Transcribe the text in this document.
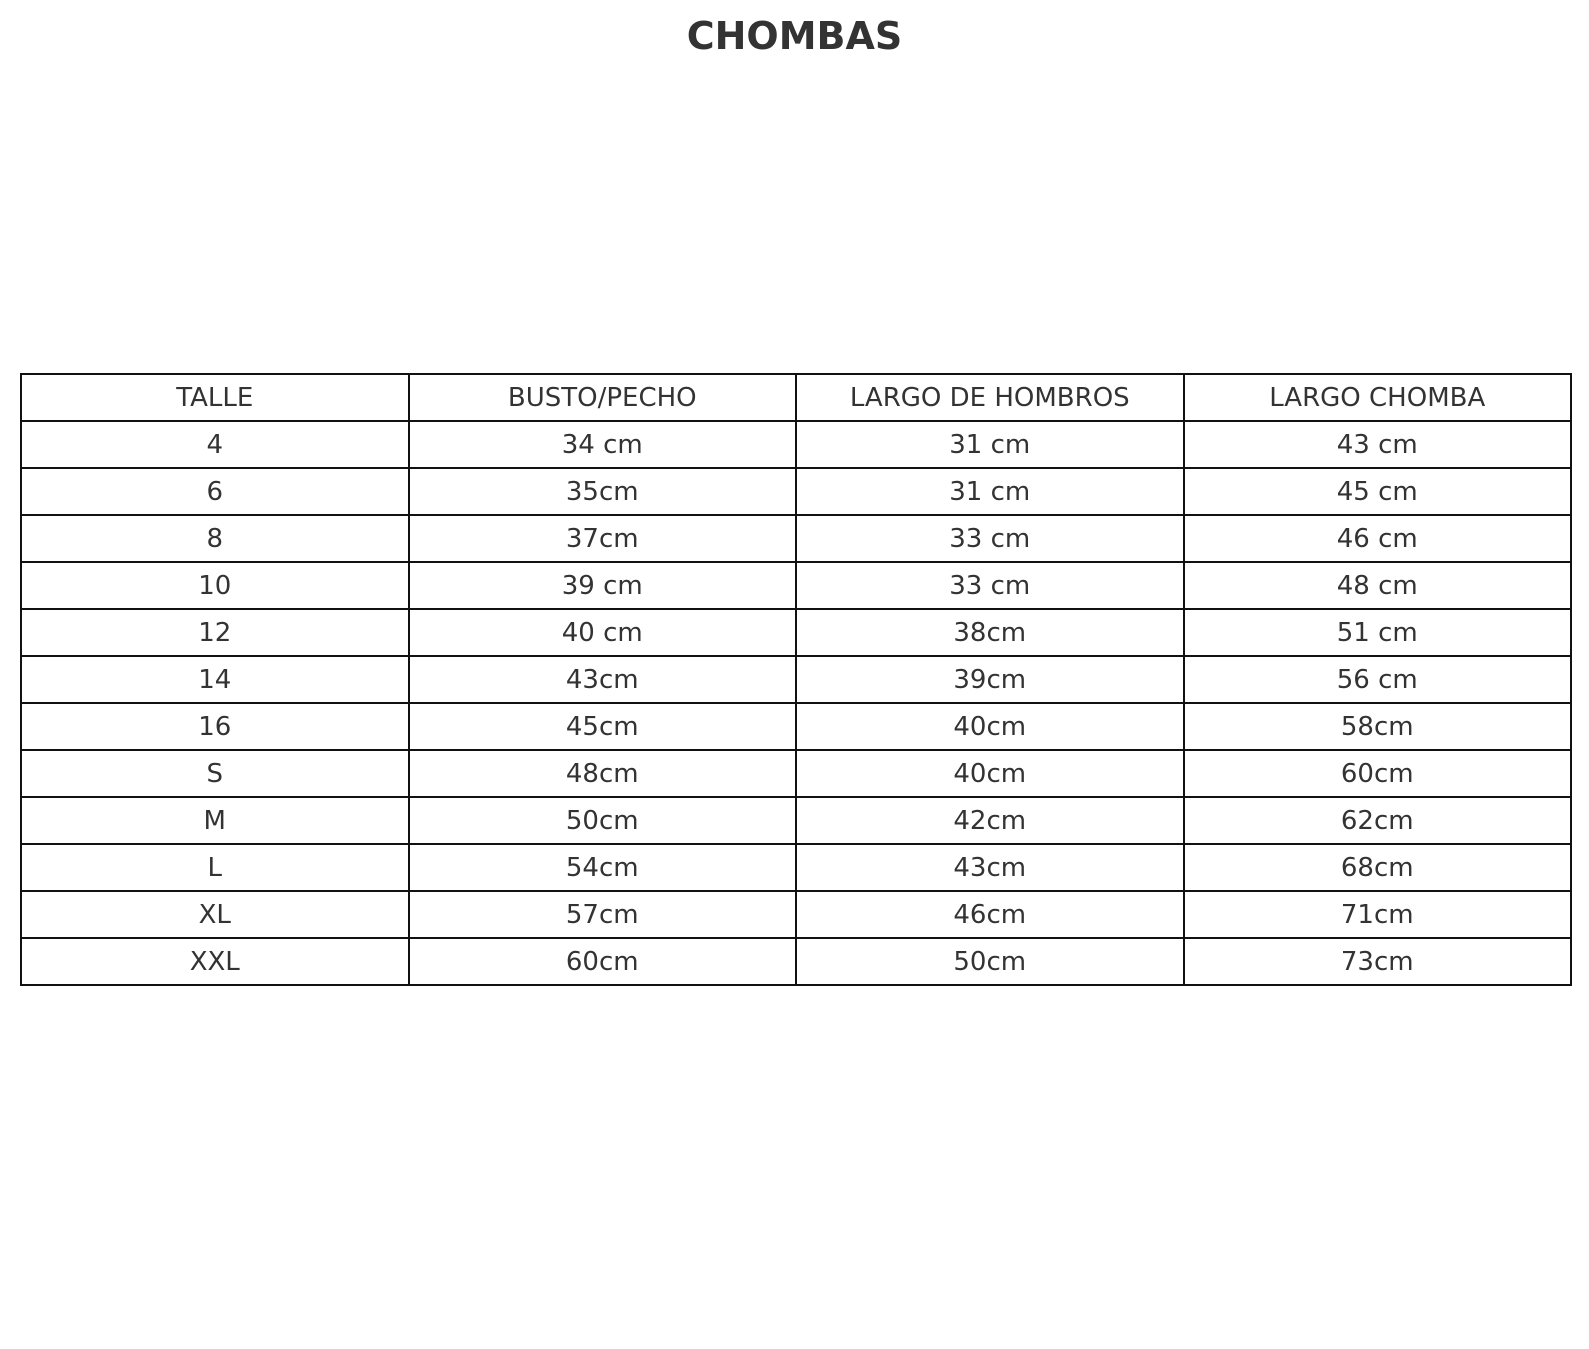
CHOMBAS
TALLE	BUSTO/PECHO	LARGO DE HOMBROS	LARGO CHOMBA
4	34 cm	31 cm	43 cm
6	35cm	31 cm	45 cm
8	37cm	33 cm	46 cm
10	39 cm	33 cm	48 cm
12	40 cm	38cm	51 cm
14	43cm	39cm	56 cm
16	45cm	40cm	58cm
S	48cm	40cm	60cm
M	50cm	42cm	62cm
L	54cm	43cm	68cm
XL	57cm	46cm	71cm
XXL	60cm	50cm	73cm
